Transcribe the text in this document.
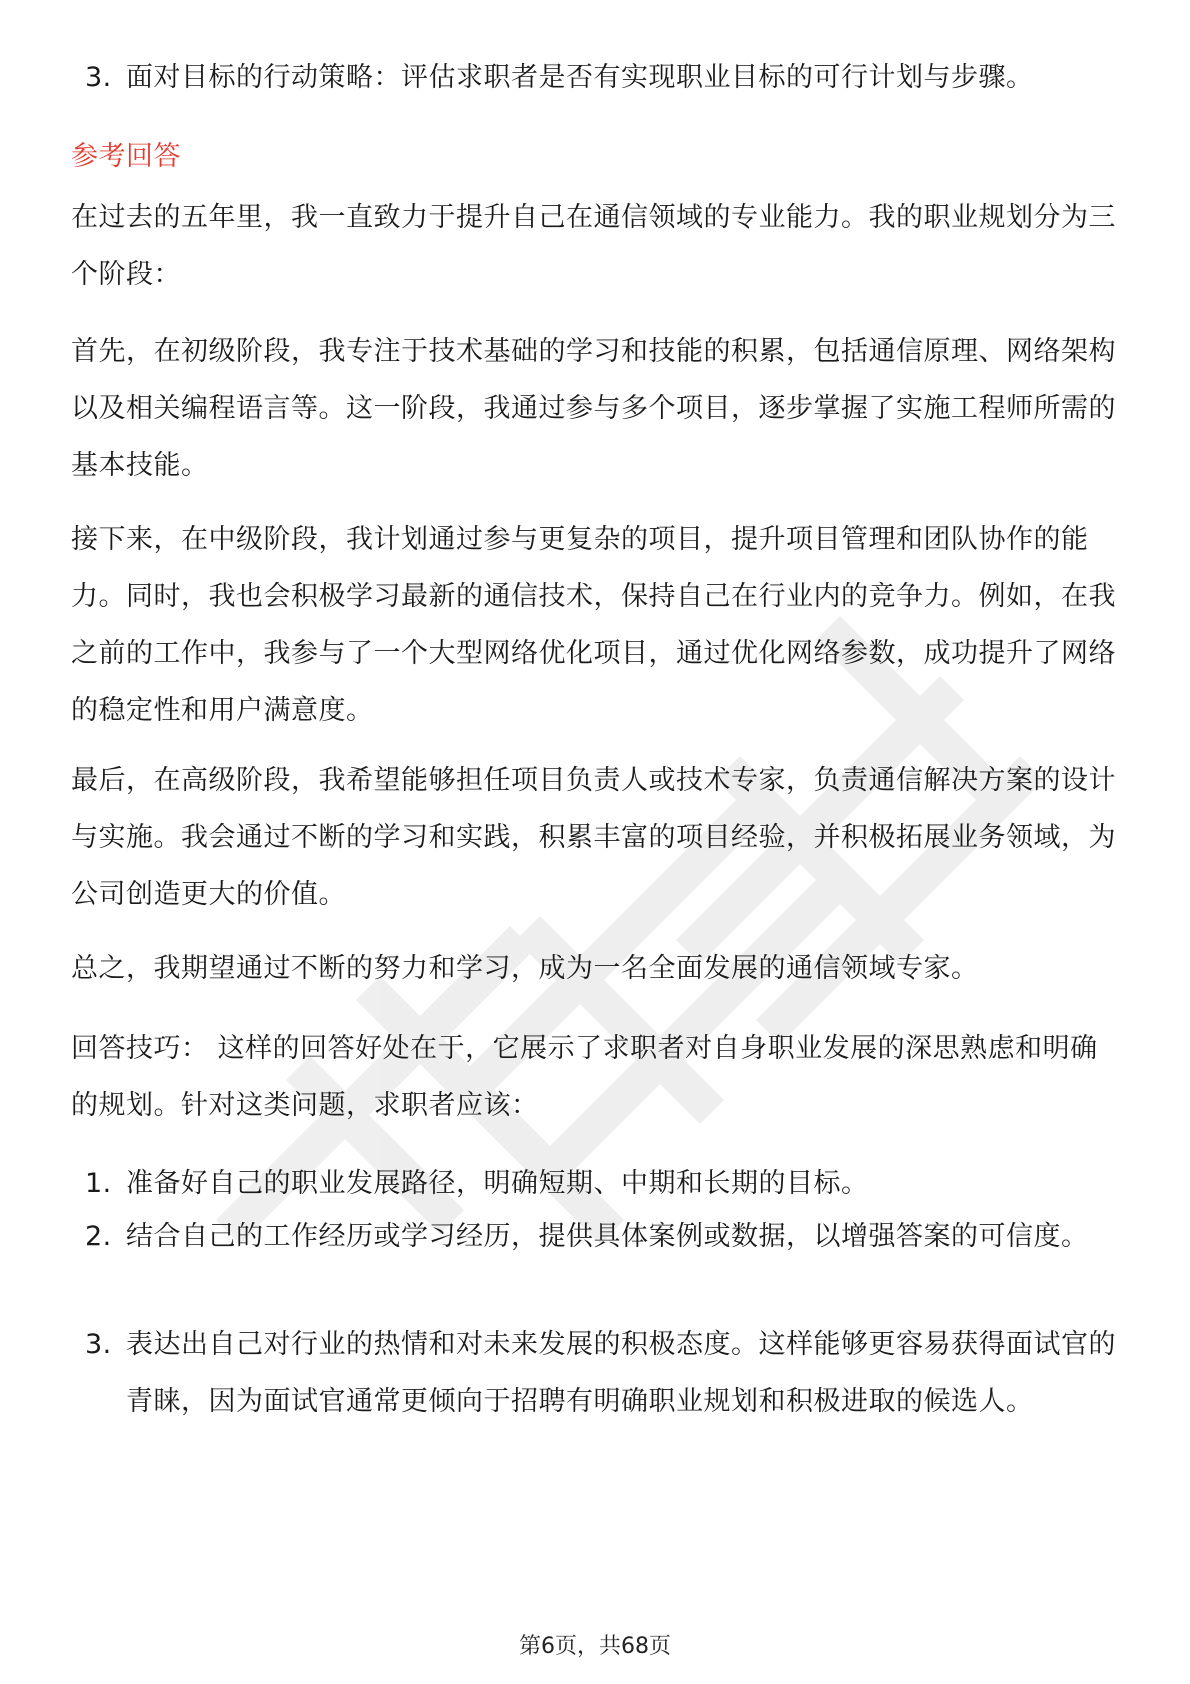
3. 面对目标的行动策略：评估求职者是否有实现职业目标的可行计划与步骤。
参考回答

在过去的五年里，我一直致力于提升自己在通信领域的专业能力。我的职业规划分为三个阶段：

首先，在初级阶段，我专注于技术基础的学习和技能的积累，包括通信原理、网络架构以及相关编程语言等。这一阶段，我通过参与多个项目，逐步掌握了实施工程师所需的基本技能。

接下来，在中级阶段，我计划通过参与更复杂的项目，提升项目管理和团队协作的能力。同时，我也会积极学习最新的通信技术，保持自己在行业内的竞争力。例如，在我之前的工作中，我参与了一个大型网络优化项目，通过优化网络参数，成功提升了网络的稳定性和用户满意度。

最后，在高级阶段，我希望能够担任项目负责人或技术专家，负责通信解决方案的设计与实施。我会通过不断的学习和实践，积累丰富的项目经验，并积极拓展业务领域，为公司创造更大的价值。

总之，我期望通过不断的努力和学习，成为一名全面发展的通信领域专家。

回答技巧： 这样的回答好处在于，它展示了求职者对自身职业发展的深思熟虑和明确的规划。针对这类问题，求职者应该：

1. 准备好自己的职业发展路径，明确短期、中期和长期的目标。
2. 结合自己的工作经历或学习经历，提供具体案例或数据，以增强答案的可信度。
3. 表达出自己对行业的热情和对未来发展的积极态度。这样能够更容易获得面试官的青睐，因为面试官通常更倾向于招聘有明确职业规划和积极进取的候选人。
第6页，共68页
